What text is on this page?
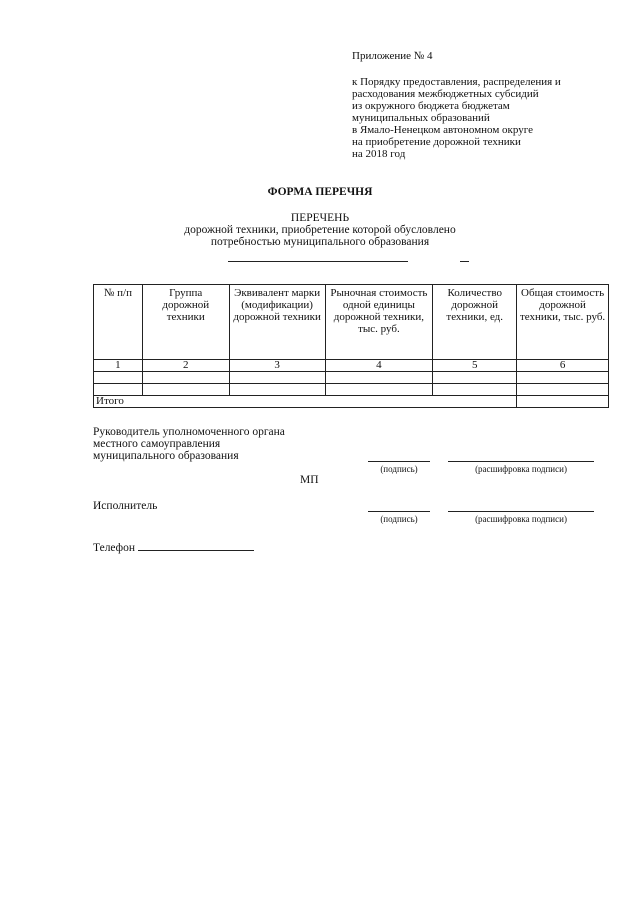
Приложение № 4
к Порядку предоставления, распределения и
расходования межбюджетных субсидий
из окружного бюджета бюджетам
муниципальных образований
в Ямало-Ненецком автономном округе
на приобретение дорожной техники
на 2018 год
ФОРМА ПЕРЕЧНЯ
ПЕРЕЧЕНЬ
дорожной техники, приобретение которой обусловлено
потребностью муниципального образования
№ п/п	Группа дорожной техники	Эквивалент марки (модификации) дорожной техники	Рыночная стоимость одной единицы дорожной техники, тыс. руб.	Количество дорожной техники, ед.	Общая стоимость дорожной техники, тыс. руб.
1	2	3	4	5	6

Итого					
Руководитель уполномоченного органа
местного самоуправления
муниципального образования
(подпись)	(расшифровка подписи)
МП
Исполнитель
(подпись)	(расшифровка подписи)
Телефон
